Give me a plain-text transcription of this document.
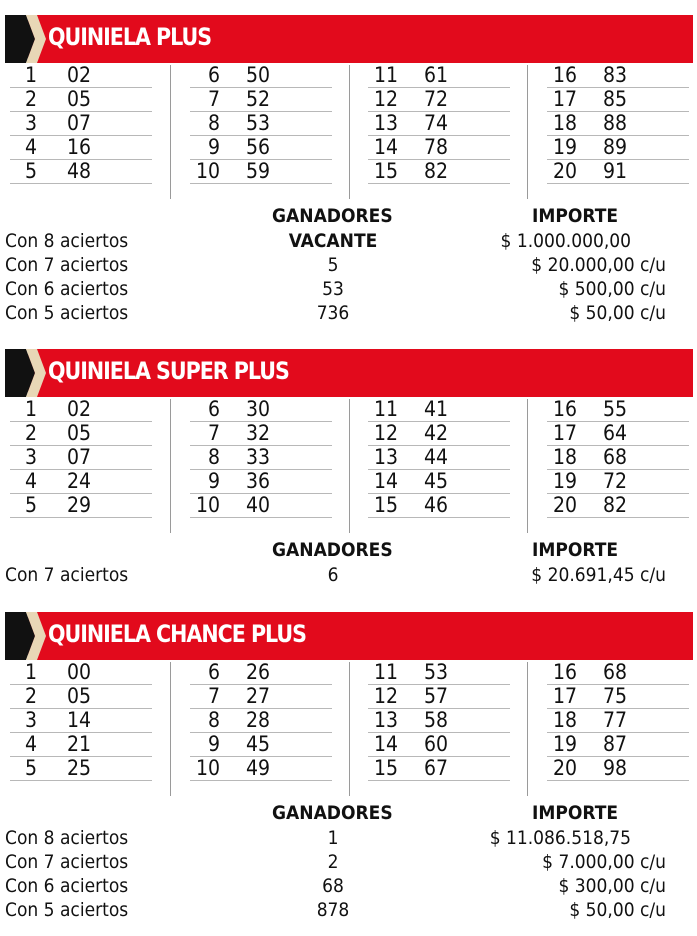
QUINIELA PLUS
1 02
2 05
3 07
4 16
5 48
6 50
7 52
8 53
9 56
10 59
11 61
12 72
13 74
14 78
15 82
16 83
17 85
18 88
19 89
20 91
GANADORES	IMPORTE
Con 8 aciertos	VACANTE	$ 1.000.000,00
Con 7 aciertos	5	$ 20.000,00 c/u
Con 6 aciertos	53	$ 500,00 c/u
Con 5 aciertos	736	$ 50,00 c/u
QUINIELA SUPER PLUS
1 02
2 05
3 07
4 24
5 29
6 30
7 32
8 33
9 36
10 40
11 41
12 42
13 44
14 45
15 46
16 55
17 64
18 68
19 72
20 82
GANADORES	IMPORTE
Con 7 aciertos	6	$ 20.691,45 c/u
QUINIELA CHANCE PLUS
1 00
2 05
3 14
4 21
5 25
6 26
7 27
8 28
9 45
10 49
11 53
12 57
13 58
14 60
15 67
16 68
17 75
18 77
19 87
20 98
GANADORES	IMPORTE
Con 8 aciertos	1	$ 11.086.518,75
Con 7 aciertos	2	$ 7.000,00 c/u
Con 6 aciertos	68	$ 300,00 c/u
Con 5 aciertos	878	$ 50,00 c/u
